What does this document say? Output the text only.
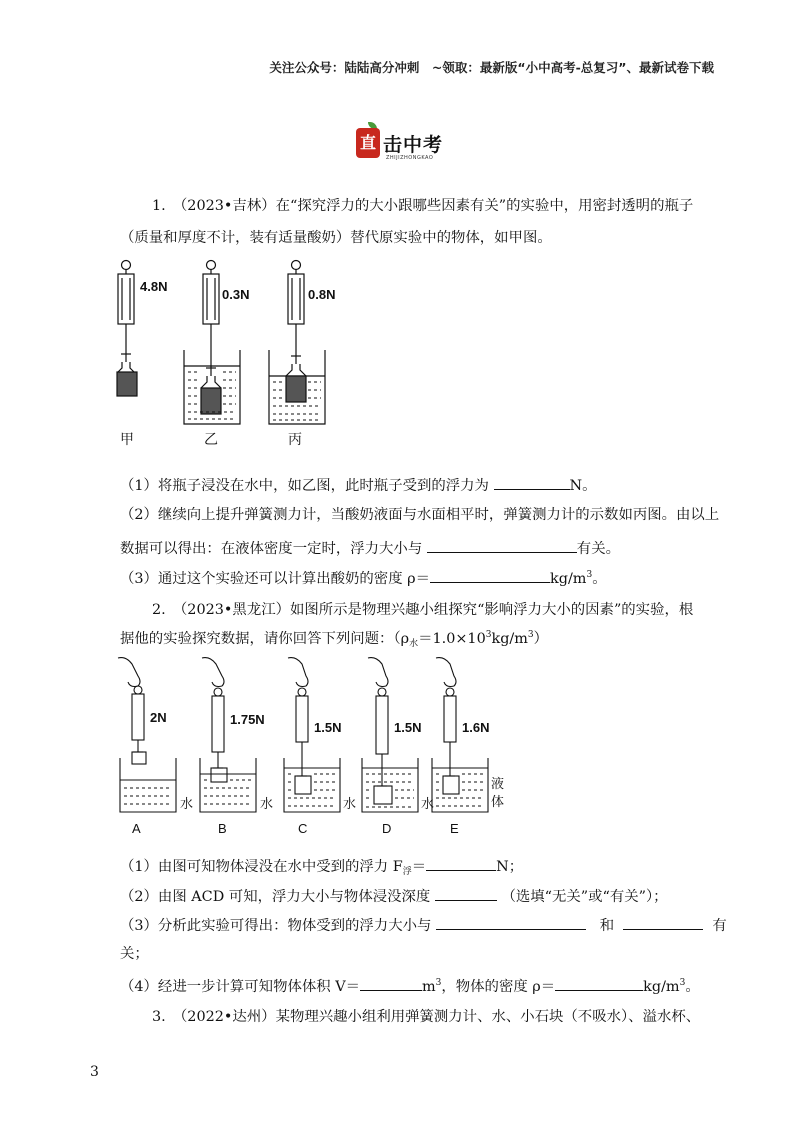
关注公众号：陆陆高分冲刺　~领取：最新版“小中高考-总复习”、最新试卷下载
直 击中考
ZHIJIZHONGKAO
1.　（2023•吉林）在“探究浮力的大小跟哪些因素有关”的实验中，用密封透明的瓶子
（质量和厚度不计，装有适量酸奶）替代原实验中的物体，如甲图。
4.8N
0.3N	0.8N
甲	乙	丙
（1）将瓶子浸没在水中，如乙图，此时瓶子受到的浮力为	N。
（2）继续向上提升弹簧测力计，当酸奶液面与水面相平时，弹簧测力计的示数如丙图。由以上
数据可以得出：在液体密度一定时，浮力大小与	有关。
（3）通过这个实验还可以计算出酸奶的密度 ρ＝	$kg/m^3$。
2.　（2023•黑龙江）如图所示是物理兴趣小组探究“影响浮力大小的因素”的实验，根
据他的实验探究数据，请你回答下列问题：$(\rho_水=1.0\times 10^3kg/m^3)$
2N	1.75N
1.5N	1.5N	1.6N
水	水	水	水
液
体
A	B	C	D	E
（1）由图可知物体浸没在水中受到的浮力 $F_浮=$	N；
（2）由图 ACD 可知，浮力大小与物体浸没深度	（选填“无关”或“有关”）；
（3）分析此实验可得出：物体受到的浮力大小与	和	有
关；
（4）经进一步计算可知物体体积 V＝	$m^3$，物体的密度 ρ＝	$kg/m^3$。
3.　（2022•达州）某物理兴趣小组利用弹簧测力计、水、小石块（不吸水）、溢水杯、
3
